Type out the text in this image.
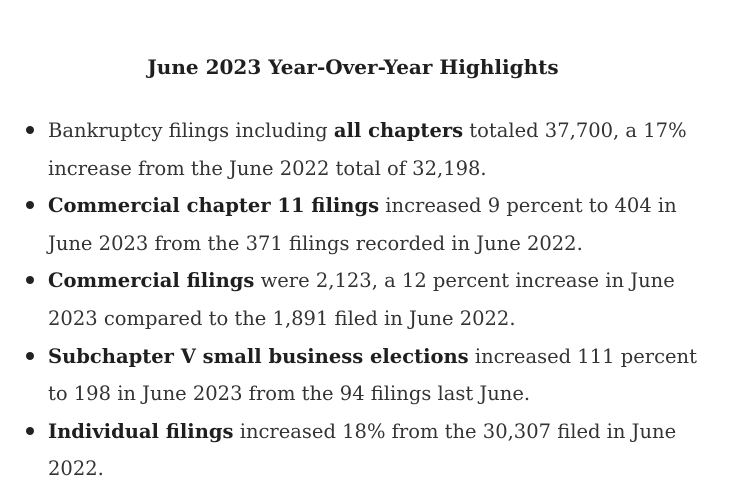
June 2023 Year-Over-Year Highlights
Bankruptcy filings including all chapters totaled 37,700, a 17% increase from the June 2022 total of 32,198.
Commercial chapter 11 filings increased 9 percent to 404 in June 2023 from the 371 filings recorded in June 2022.
Commercial filings were 2,123, a 12 percent increase in June 2023 compared to the 1,891 filed in June 2022.
Subchapter V small business elections increased 111 percent to 198 in June 2023 from the 94 filings last June.
Individual filings increased 18% from the 30,307 filed in June 2022.
